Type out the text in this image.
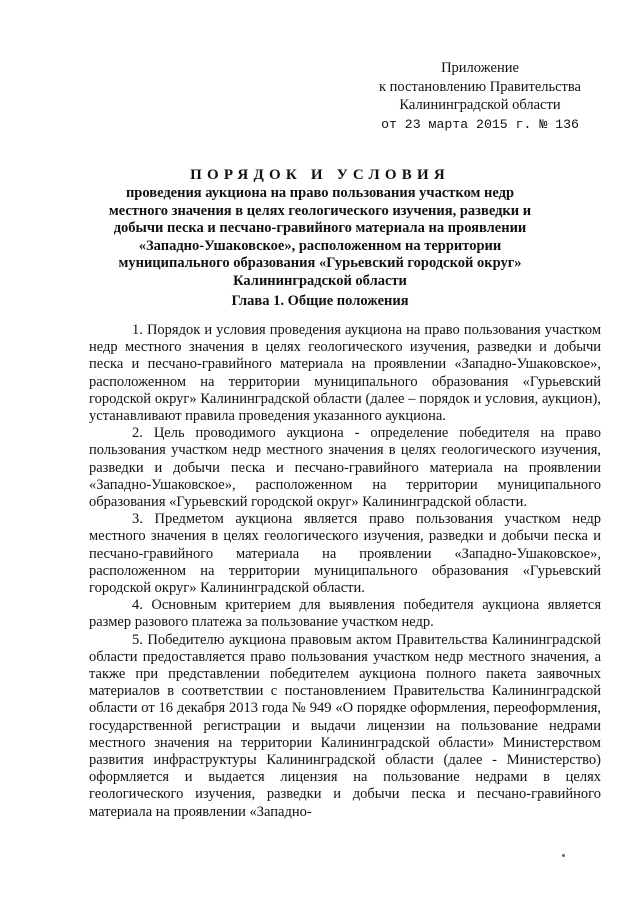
Приложение
к постановлению Правительства
Калининградской области
от 23 марта 2015 г. № 136
ПОРЯДОК И УСЛОВИЯ
проведения аукциона на право пользования участком недр местного значения в целях геологического изучения, разведки и добычи песка и песчано-гравийного материала на проявлении «Западно-Ушаковское», расположенном на территории муниципального образования «Гурьевский городской округ» Калининградской области
Глава 1. Общие положения

1. Порядок и условия проведения аукциона на право пользования участком недр местного значения в целях геологического изучения, разведки и добычи песка и песчано-гравийного материала на проявлении «Западно-Ушаковское», расположенном на территории муниципального образования «Гурьевский городской округ» Калининградской области (далее – порядок и условия, аукцион), устанавливают правила проведения указанного аукциона.

2. Цель проводимого аукциона - определение победителя на право пользования участком недр местного значения в целях геологического изучения, разведки и добычи песка и песчано-гравийного материала на проявлении «Западно-Ушаковское», расположенном на территории муниципального образования «Гурьевский городской округ» Калининградской области.

3. Предметом аукциона является право пользования участком недр местного значения в целях геологического изучения, разведки и добычи песка и песчано-гравийного материала на проявлении «Западно-Ушаковское», расположенном на территории муниципального образования «Гурьевский городской округ» Калининградской области.

4. Основным критерием для выявления победителя аукциона является размер разового платежа за пользование участком недр.

5. Победителю аукциона правовым актом Правительства Калининградской области предоставляется право пользования участком недр местного значения, а также при представлении победителем аукциона полного пакета заявочных материалов в соответствии с постановлением Правительства Калининградской области от 16 декабря 2013 года № 949 «О порядке оформления, переоформления, государственной регистрации и выдачи лицензии на пользование недрами местного значения на территории Калининградской области» Министерством развития инфраструктуры Калининградской области (далее - Министерство) оформляется и выдается лицензия на пользование недрами в целях геологического изучения, разведки и добычи песка и песчано-гравийного материала на проявлении «Западно-
